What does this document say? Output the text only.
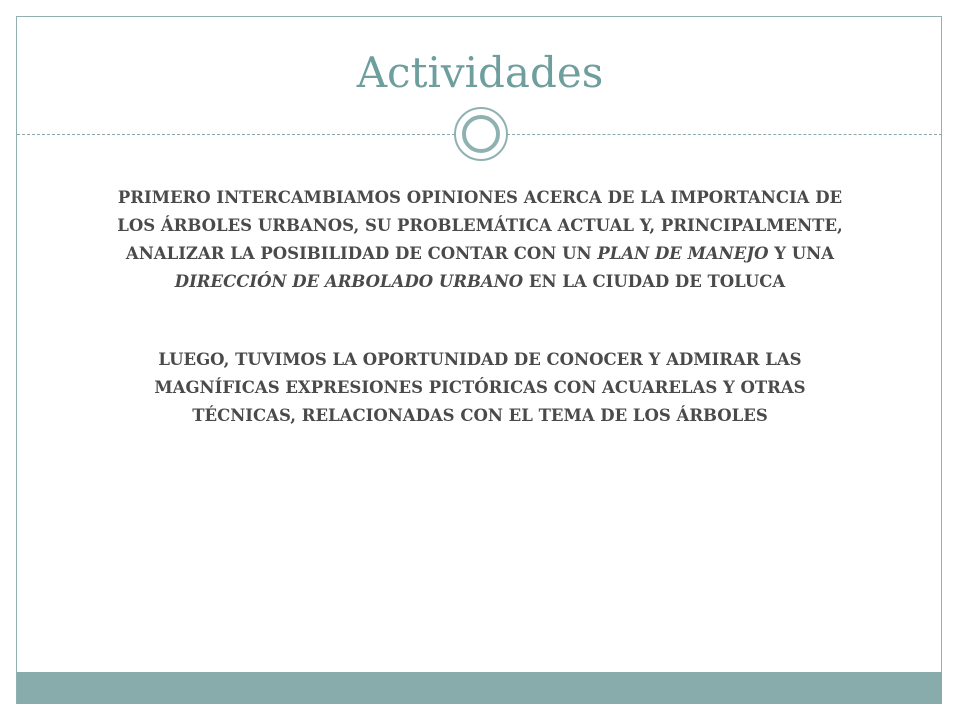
Actividades
PRIMERO INTERCAMBIAMOS OPINIONES ACERCA DE LA IMPORTANCIA DE LOS ÁRBOLES URBANOS, SU PROBLEMÁTICA ACTUAL Y, PRINCIPALMENTE, ANALIZAR LA POSIBILIDAD DE CONTAR CON UN PLAN DE MANEJO Y UNA DIRECCIÓN DE ARBOLADO URBANO EN LA CIUDAD DE TOLUCA
LUEGO, TUVIMOS LA OPORTUNIDAD DE CONOCER Y ADMIRAR LAS MAGNÍFICAS EXPRESIONES PICTÓRICAS CON ACUARELAS Y OTRAS TÉCNICAS, RELACIONADAS CON EL TEMA DE LOS ÁRBOLES
